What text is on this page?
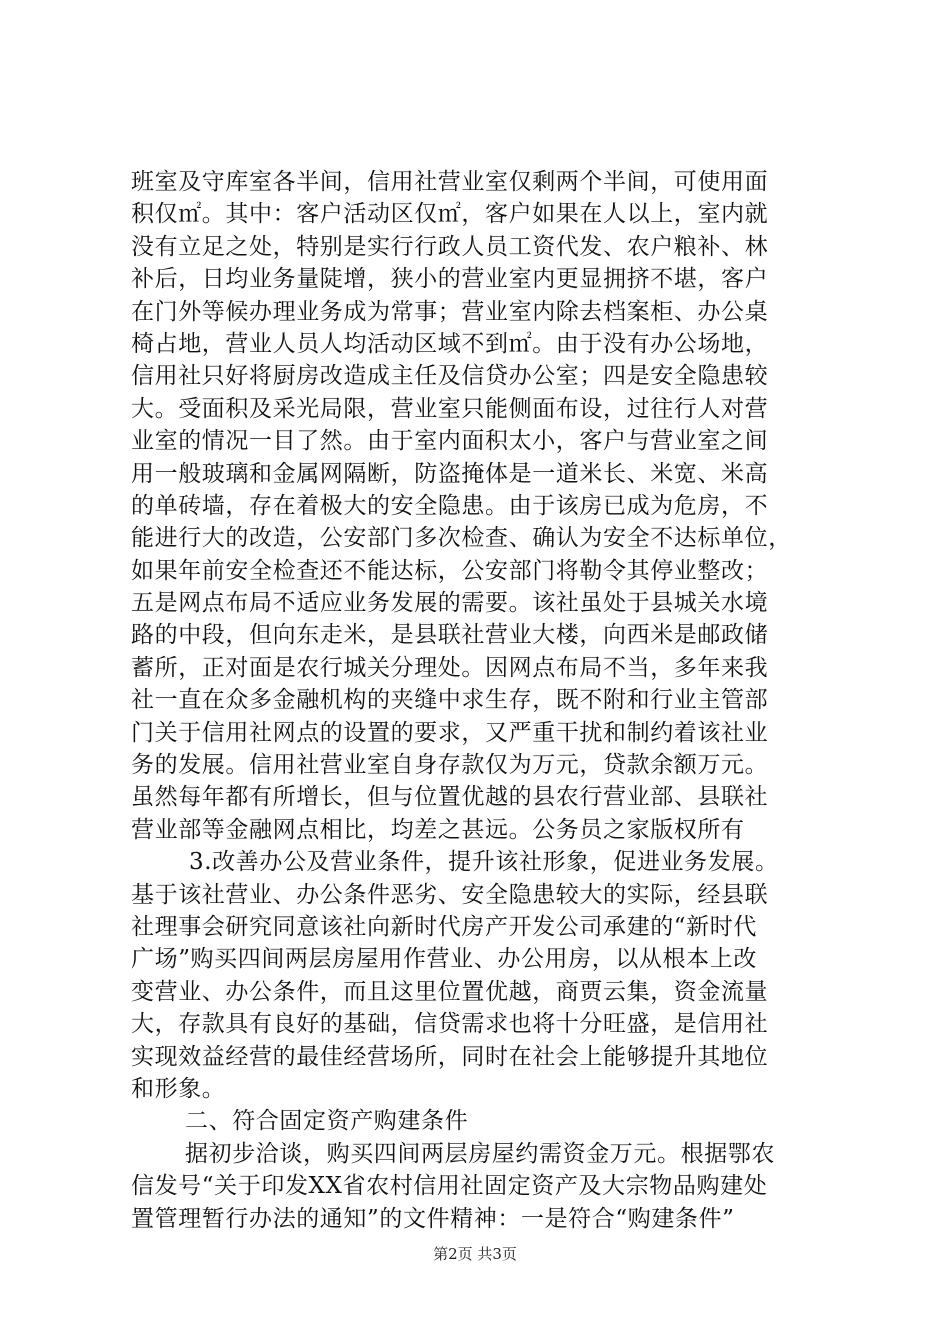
班室及守库室各半间，信用社营业室仅剩两个半间，可使用面
积仅㎡。其中：客户活动区仅㎡，客户如果在人以上，室内就
没有立足之处，特别是实行行政人员工资代发、农户粮补、林
补后，日均业务量陡增，狭小的营业室内更显拥挤不堪，客户
在门外等候办理业务成为常事；营业室内除去档案柜、办公桌
椅占地，营业人员人均活动区域不到㎡。由于没有办公场地，
信用社只好将厨房改造成主任及信贷办公室；四是安全隐患较
大。受面积及采光局限，营业室只能侧面布设，过往行人对营
业室的情况一目了然。由于室内面积太小，客户与营业室之间
用一般玻璃和金属网隔断，防盗掩体是一道米长、米宽、米高
的单砖墙，存在着极大的安全隐患。由于该房已成为危房，不
能进行大的改造，公安部门多次检查、确认为安全不达标单位，
如果年前安全检查还不能达标，公安部门将勒令其停业整改；
五是网点布局不适应业务发展的需要。该社虽处于县城关水境
路的中段，但向东走米，是县联社营业大楼，向西米是邮政储
蓄所，正对面是农行城关分理处。因网点布局不当，多年来我
社一直在众多金融机构的夹缝中求生存，既不附和行业主管部
门关于信用社网点的设置的要求，又严重干扰和制约着该社业
务的发展。信用社营业室自身存款仅为万元，贷款余额万元。
虽然每年都有所增长，但与位置优越的县农行营业部、县联社
营业部等金融网点相比，均差之甚远。公务员之家版权所有
3.改善办公及营业条件，提升该社形象，促进业务发展。
基于该社营业、办公条件恶劣、安全隐患较大的实际，经县联
社理事会研究同意该社向新时代房产开发公司承建的“新时代
广场”购买四间两层房屋用作营业、办公用房，以从根本上改
变营业、办公条件，而且这里位置优越，商贾云集，资金流量
大，存款具有良好的基础，信贷需求也将十分旺盛，是信用社
实现效益经营的最佳经营场所，同时在社会上能够提升其地位
和形象。
二、符合固定资产购建条件
据初步洽谈，购买四间两层房屋约需资金万元。根据鄂农
信发号“关于印发XX省农村信用社固定资产及大宗物品购建处
置管理暂行办法的通知”的文件精神：一是符合“购建条件”
第2页 共3页
